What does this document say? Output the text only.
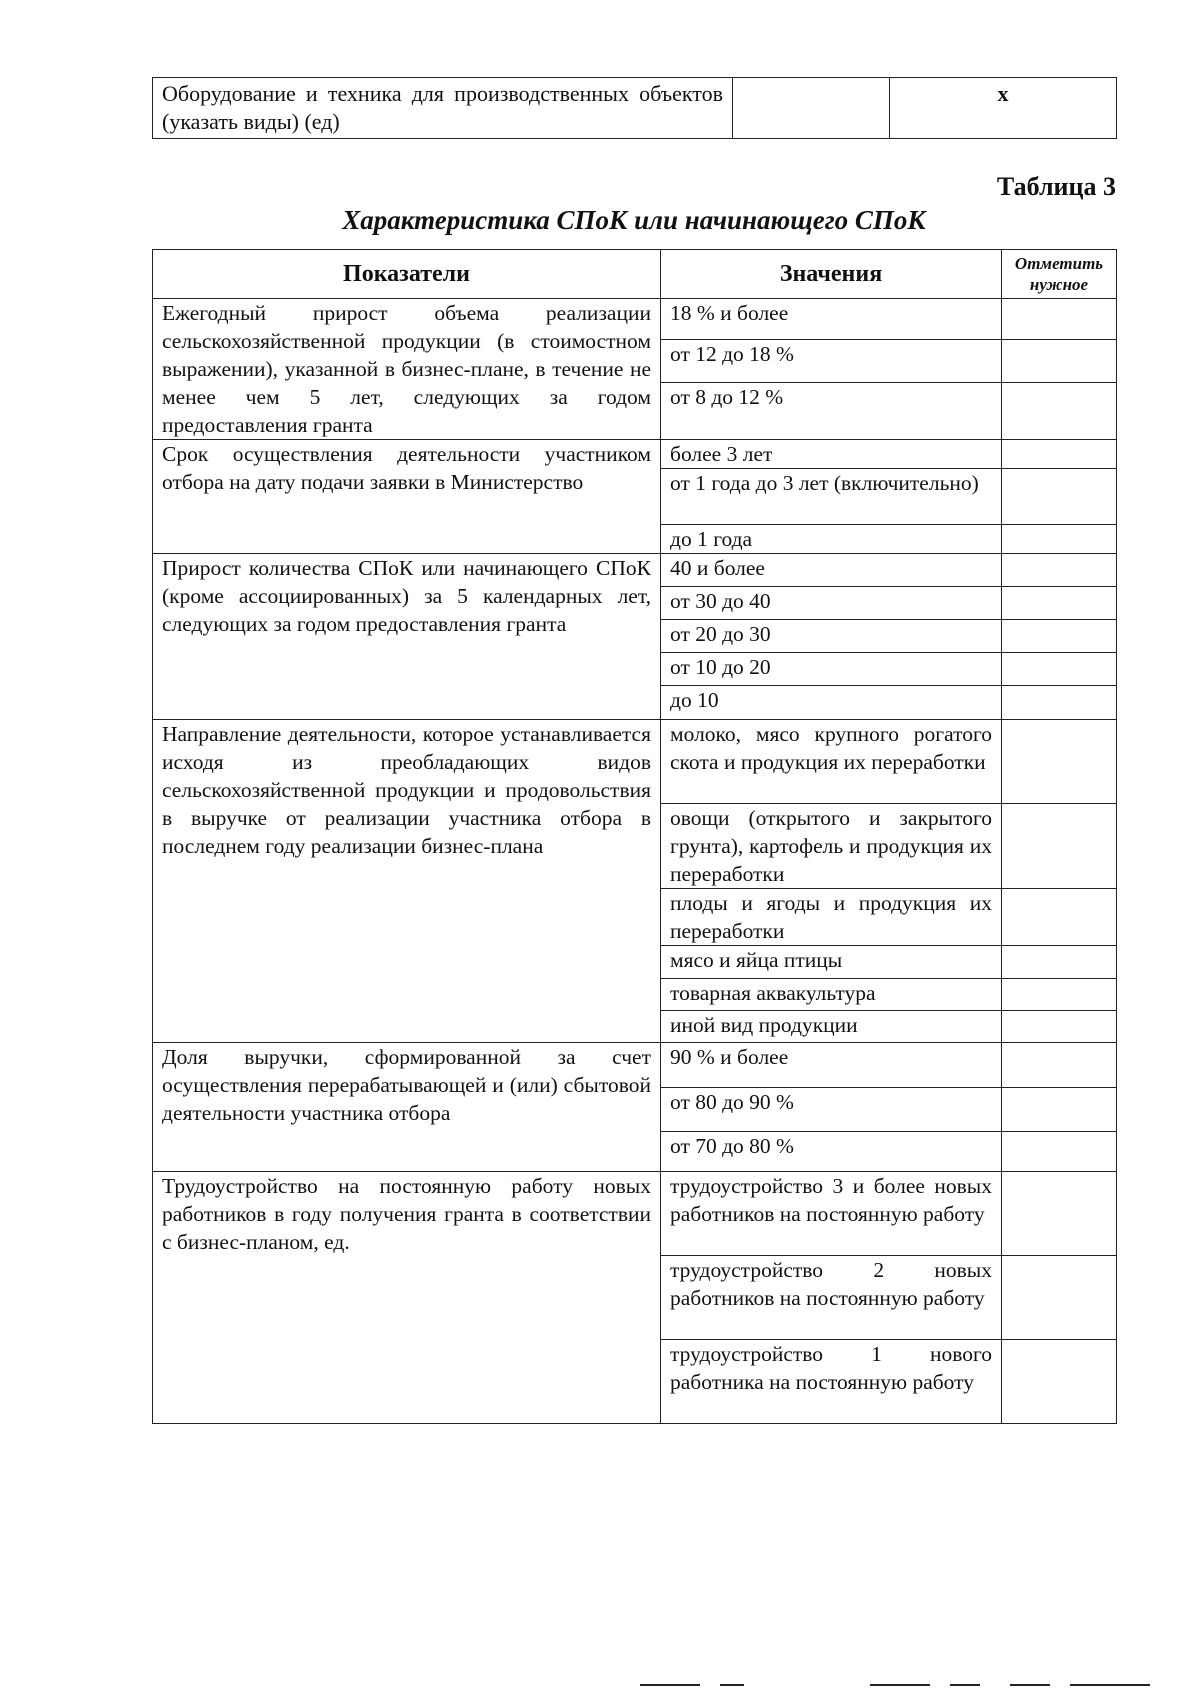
Оборудование и техника для производственных объектов (указать виды) (ед)		x
Таблица 3
Характеристика СПоК или начинающего СПоК
Показатели	Значения	Отметить нужное
Ежегодный прирост объема реализации сельскохозяйственной продукции (в стоимостном выражении), указанной в бизнес-плане, в течение не менее чем 5 лет, следующих за годом предоставления гранта	18 % и более	
	от 12 до 18 %	
	от 8 до 12 %	
Срок осуществления деятельности участником отбора на дату подачи заявки в Министерство	более 3 лет	
	от 1 года до 3 лет (включительно)	
	до 1 года	
Прирост количества СПоК или начинающего СПоК (кроме ассоциированных) за 5 календарных лет, следующих за годом предоставления гранта	40 и более	
	от 30 до 40	
	от 20 до 30	
	от 10 до 20	
	до 10	
Направление деятельности, которое устанавливается исходя из преобладающих видов сельскохозяйственной продукции и продовольствия в выручке от реализации участника отбора в последнем году реализации бизнес-плана	молоко, мясо крупного рогатого скота и продукция их переработки	
	овощи (открытого и закрытого грунта), картофель и продукция их переработки	
	плоды и ягоды и продукция их переработки	
	мясо и яйца птицы	
	товарная аквакультура	
	иной вид продукции	
Доля выручки, сформированной за счет осуществления перерабатывающей и (или) сбытовой деятельности участника отбора	90 % и более	
	от 80 до 90 %	
	от 70 до 80 %	
Трудоустройство на постоянную работу новых работников в году получения гранта в соответствии с бизнес-планом, ед.	трудоустройство 3 и более новых работников на постоянную работу	
	трудоустройство 2 новых работников на постоянную работу	
	трудоустройство 1 нового работника на постоянную работу	
